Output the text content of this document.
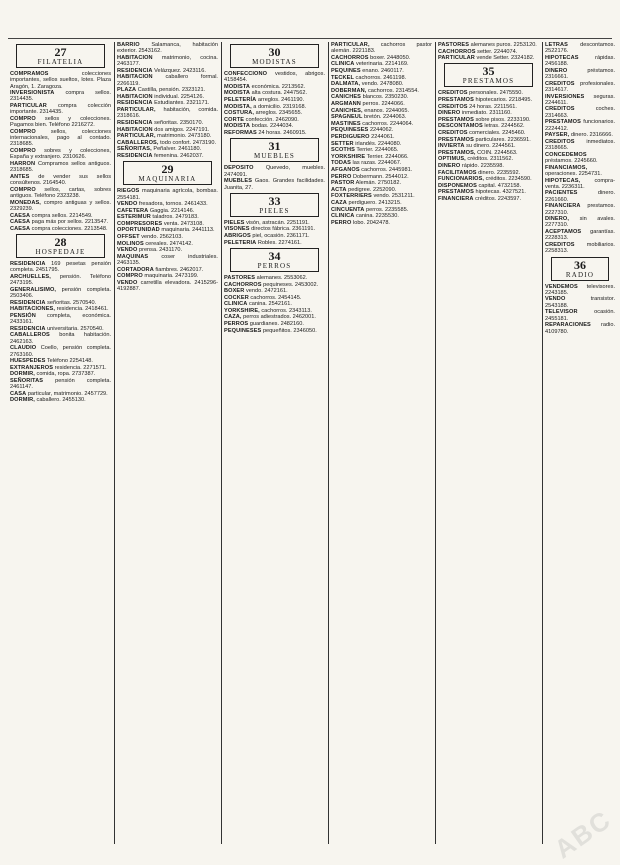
27
FILATELIA
COMPRAMOS	colecciones importantes, sellos sueltos, lotes. Plaza Aragón, 1. Zaragoza.
INVERSIONISTA compra sellos. 2314435.
PARTICULAR compra colección importante. 2314435.
COMPRO sellos y colecciones. Pagamos bien. Teléfono 2216272.
COMPRO	sellos, colecciones internacionales, pago al contado. 2318685.
COMPRO sobres y colecciones, España y extranjero. 2310626.
HARRON Compramos sellos antiguos. 2318685.
ANTES de vender sus sellos consúltenos. 2164540.
COMPRO sellos, cartas, sobres antiguos. Teléfono 2323238.
MONEDAS, compro antiguas y sellos. 2329239.
CAESA compra sellos. 2214549.
CAESA paga más por sellos. 2213547.
CAESA compra colecciones. 2213548.
28
HOSPEDAJE
RESIDENCIA 169 pesetas pensión completa. 2451795.
ARCHUELLES, pensión. Teléfono 2473195.
GENERALISIMO, pensión completa. 2503406.
RESIDENCIA señoritas. 2570540.
HABITACIONES, residencia. 2418461.
PENSIÓN completa, económica. 2433161.
RESIDENCIA universitaria. 2570540.
CABALLEROS bonita habitación. 2462163.
CLAUDIO Coello, pensión completa. 2763160.
HUESPEDES Teléfono 2254148.
EXTRANJEROS residencia. 2271571.
DORMIR, comida, ropa. 2737387.
SEÑORITAS pensión completa. 2461147.
CASA particular, matrimonio. 2457729.
DORMIR, caballero. 2455130.
BARRIO Salamanca, habitación exterior. 2543162.
HABITACION matrimonio, cocina. 2463177.
RESIDENCIA Velázquez. 2423116.
HABITACION caballero formal. 2266119.
PLAZA Castilla, pensión. 2323121.
HABITACION individual. 2254126.
RESIDENCIA Estudiantes. 2321171.
PARTICULAR, habitación, comida. 2318616.
RESIDENCIA señoritas. 2350170.
HABITACION dos amigos. 2247191.
PARTICULAR, matrimonio. 2473180.
CABALLEROS, todo confort. 2473190.
SEÑORITAS, Peñalver. 2461180.
RESIDENCIA femenina. 2462037.
29
MAQUINARIA
RIEGOS maquinaria agrícola, bombas. 2554181.
VENDO fresadora, tornos. 2461433.
CAFETERA Gaggia. 2214146.
ESTERIMUR taladros. 2479183.
COMPRESORES venta. 2473108.
OPORTUNIDAD maquinaria. 2441113.
OFFSET vendo. 2562103.
MOLINOS cereales. 2474142.
VENDO prensa. 2431170.
MAQUINAS coser industriales. 2463135.
CORTADORA fiambres. 2462017.
COMPRO maquinaria. 2473199.
VENDO carretilla elevadora. 2415296-4192887.
30
MODISTAS
CONFECCIONO vestidos, abrigos. 4158454.
MODISTA económica. 2213562.
MODISTA alta costura. 2447562.
PELETERÍA arreglos. 2461190.
MODISTA, a domicilio. 2319168.
COSTURA, arreglos. 2345655.
CORTE confección. 2462090.
MODISTA bodas. 2244034.
REFORMAS 24 horas. 2460915.
31
MUEBLES
DEPOSITO Quevedo, muebles. 2474091.
MUEBLES Gaos. Grandes facilidades. Juanita, 27.
33
PIELES
PIELES visón, astracán. 2251191.
VISONES directos fábrica. 2361191.
ABRIGOS piel, ocasión. 2361171.
PELETERIA Robles. 2274161.
34
PERROS
PASTORES alemanes. 2553062.
CACHORROS pequineses. 2453002.
BOXER vendo. 2472161.
COCKER cachorros. 2454145.
CLINICA canina. 2542161.
YORKSHIRE, cachorros. 2343113.
CAZA, perros adiestrados. 2462001.
PERROS guardianes. 2482160.
PEQUINESES pequeñitos. 2346050.
PARTICULAR, cachorros pastor alemán. 2221183.
CACHORROS boxer. 2448050.
CLINICA veterinaria. 2214169.
PEQUINES enano. 2460117.
TECKEL cachorros. 2461198.
DALMATA, vendo. 2478080.
DOBERMAN, cachorros. 2314554.
CANICHES blancos. 2350230.
ARGMANN perros. 2244066.
CANICHES, enanos. 2244065.
SPAGNEUL bretón. 2244063.
MASTINES cachorros. 2244064.
PEQUINESES 2244062.
PERDIGUERO 2244061.
SETTER irlandés. 2244080.
SCOTHS Terrier. 2244065.
YORKSHIRE Terrier. 2244066.
TODAS las razas. 2244067.
AFGANOS cachorros. 2445981.
PERRO Dobermann. 2544012.
PASTOR Alemán. 2750182.
ACTA pedigree. 2252090.
FOXTERRIERS vendo. 2531211.
CAZA perdiguero. 2413215.
CINCUENTA perros. 2235585.
CLINICA canina. 2235530.
PERRO lobo. 2042478.
PASTORES alemanes puros. 2253120.
CACHORROS setter. 2244074.
PARTICULAR vende Setter. 2324182.
35
PRESTAMOS
CREDITOS personales. 2475550.
PRESTAMOS hipotecarios. 2218495.
CREDITOS 24 horas. 2211561.
DINERO inmediato. 2311160.
PRESTAMOS sobre pisos. 2233190.
DESCONTAMOS letras. 2244562.
CREDITOS comerciales. 2245460.
PRESTAMOS particulares. 2236591.
INVIERTA su dinero. 2244561.
PRESTAMOS, COIN. 2244563.
OPTIMUS, créditos. 2311562.
DINERO rápido. 2235598.
FACILITAMOS dinero. 2235592.
FUNCIONARIOS, créditos. 2234590.
DISPONEMOS capital. 4732158.
PRESTAMOS hipotecas. 4327521.
FINANCIERA créditos. 2243597.
LETRAS descontamos. 2522176.
HIPOTECAS	rápidas. 2456188.
DINERO	préstamos. 2316661.
CREDITOS profesionales. 2314617.
INVERSIONES seguras. 2244611.
CREDITOS	coches. 2314663.
PRESTAMOS funcionarios. 2224412.
PAYSER, dinero. 2316666.
CREDITOS inmediatos. 2318665.
CONCEDEMOS préstamos. 2245660.
FINANCIAMOS, operaciones. 2254731.
HIPOTECAS,	compra-venta. 2236311.
PACIENTES	dinero. 2261660.
FINANCIERA prestamos. 2227310.
DINERO, sin avales. 2277310.
ACEPTAMOS garantías. 2228313.
CREDITOS mobiliarios. 2258313.
36
RADIO
VENDEMOS televisores. 2243185.
VENDO	transistor. 2543188.
TELEVISOR	ocasión. 2455181.
REPARACIONES radio. 4109780.
ABC
